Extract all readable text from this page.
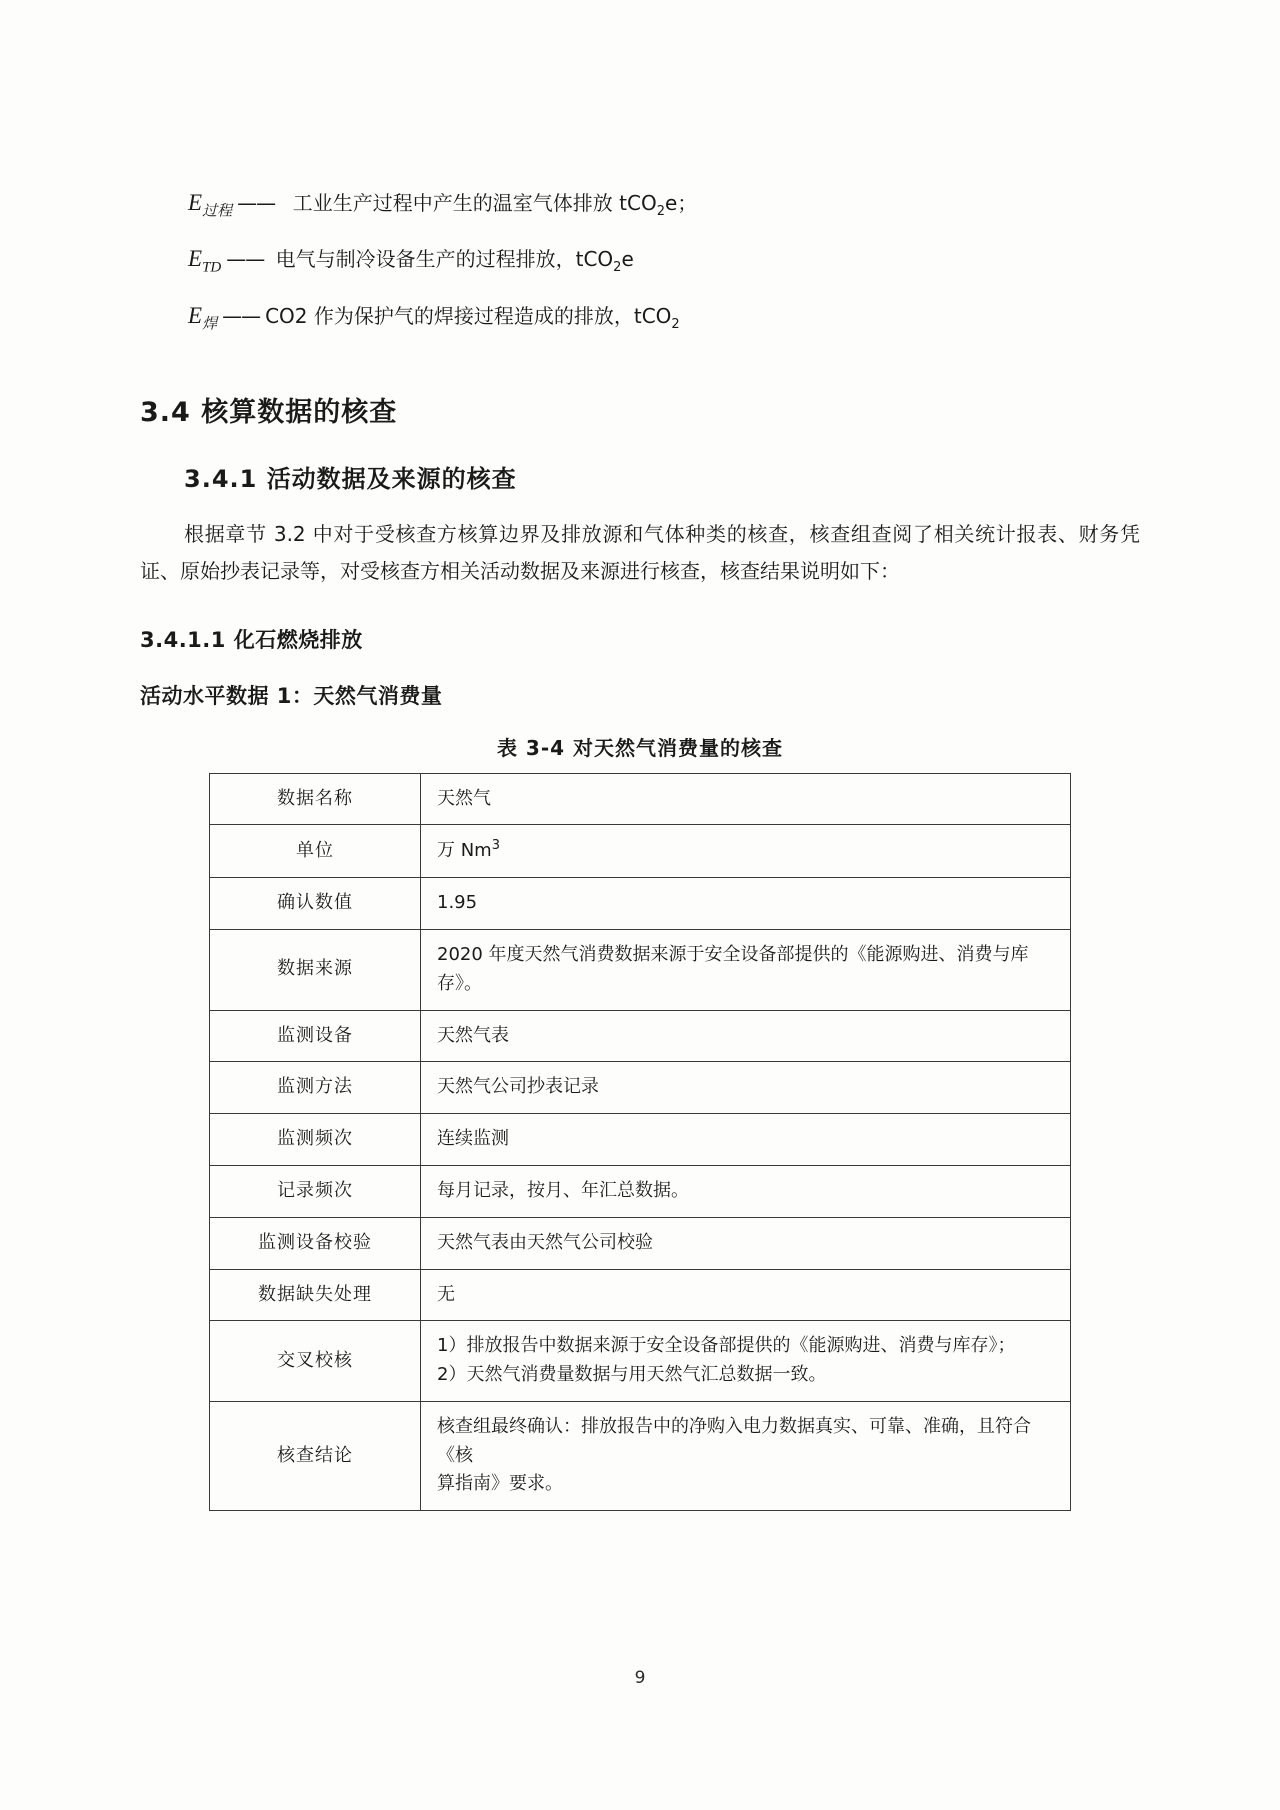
$E_{过程}$ ——   工业生产过程中产生的温室气体排放 tCO$_2$e；
$E_{TD}$ ——  电气与制冷设备生产的过程排放，tCO$_2$e
$E_焊$ —— CO2 作为保护气的焊接过程造成的排放，tCO$_2$
3.4 核算数据的核查
3.4.1 活动数据及来源的核查

根据章节 3.2 中对于受核查方核算边界及排放源和气体种类的核查，核查组查阅了相关统计报表、财务凭证、原始抄表记录等，对受核查方相关活动数据及来源进行核查，核查结果说明如下：

3.4.1.1 化石燃烧排放
活动水平数据 1：天然气消费量
表 3-4 对天然气消费量的核查
数据名称	天然气
单位	万 Nm$^3$
确认数值	1.95
数据来源	2020 年度天然气消费数据来源于安全设备部提供的《能源购进、消费与库存》。
监测设备	天然气表
监测方法	天然气公司抄表记录
监测频次	连续监测
记录频次	每月记录，按月、年汇总数据。
监测设备校验	天然气表由天然气公司校验
数据缺失处理	无
交叉校核	1）排放报告中数据来源于安全设备部提供的《能源购进、消费与库存》；
2）天然气消费量数据与用天然气汇总数据一致。

核查结论	核查组最终确认：排放报告中的净购入电力数据真实、可靠、准确，且符合《核
算指南》要求。
9
